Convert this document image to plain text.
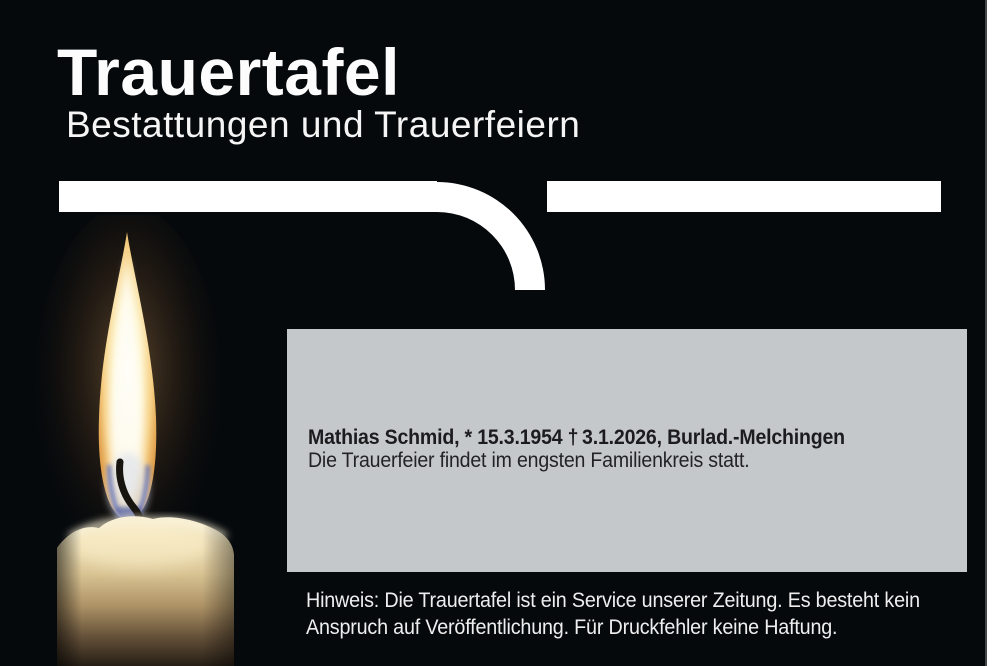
Trauertafel
Bestattungen und Trauerfeiern
Mathias Schmid, * 15.3.1954 † 3.1.2026, Burlad.-Melchingen
Die Trauerfeier findet im engsten Familienkreis statt.
Hinweis: Die Trauertafel ist ein Service unserer Zeitung. Es besteht kein
Anspruch auf Veröffentlichung. Für Druckfehler keine Haftung.
